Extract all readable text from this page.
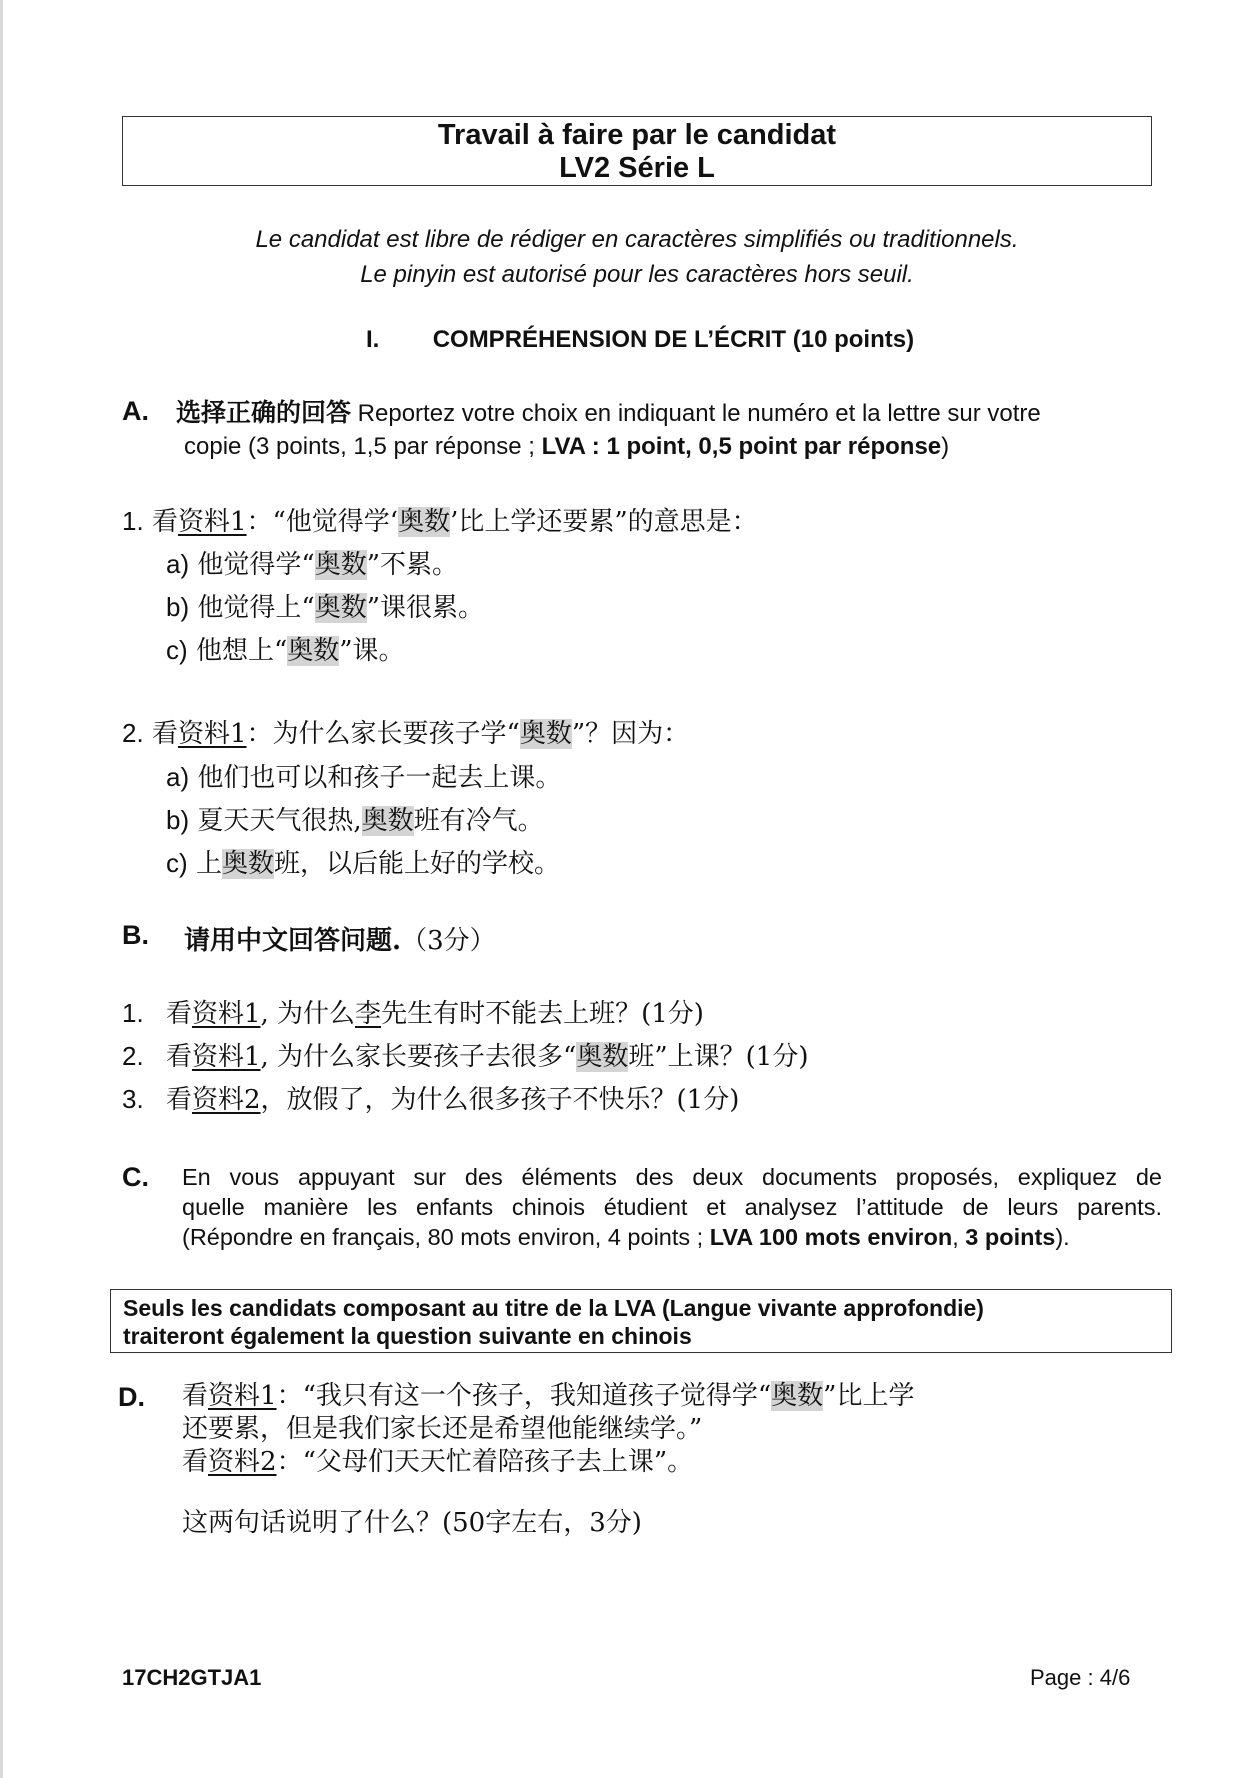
Travail à faire par le candidat
LV2 Série L
Le candidat est libre de rédiger en caractères simplifiés ou traditionnels.
Le pinyin est autorisé pour les caractères hors seuil.
I. COMPRÉHENSION DE L’ÉCRIT (10 points)
A. 选择正确的回答 Reportez votre choix en indiquant le numéro et la lettre sur votre
copie (3 points, 1,5 par réponse ; LVA : 1 point, 0,5 point par réponse)
1. 看资料1：“他觉得学‘奥数’比上学还要累”的意思是：
a) 他觉得学“奥数”不累。
b) 他觉得上“奥数”课很累。
c) 他想上“奥数”课。
2. 看资料1：为什么家长要孩子学“奥数”？因为：
a) 他们也可以和孩子一起去上课。
b) 夏天天气很热,奥数班有冷气。
c) 上奥数班，以后能上好的学校。
B. 请用中文回答问题.（3分）
1. 看资料1, 为什么李先生有时不能去上班？(1分)
2. 看资料1, 为什么家长要孩子去很多“奥数班”上课？(1分)
3. 看资料2，放假了，为什么很多孩子不快乐？(1分)
C. En vous appuyant sur des éléments des deux documents proposés, expliquez de
quelle manière les enfants chinois étudient et analysez l’attitude de leurs parents.
(Répondre en français, 80 mots environ, 4 points ; LVA 100 mots environ, 3 points).
Seuls les candidats composant au titre de la LVA (Langue vivante approfondie)
traiteront également la question suivante en chinois
D. 看资料1：“我只有这一个孩子，我知道孩子觉得学“奥数”比上学
还要累，但是我们家长还是希望他能继续学。”
看资料2：“父母们天天忙着陪孩子去上课”。
这两句话说明了什么？(50字左右，3分)
17CH2GTJA1	Page : 4/6
